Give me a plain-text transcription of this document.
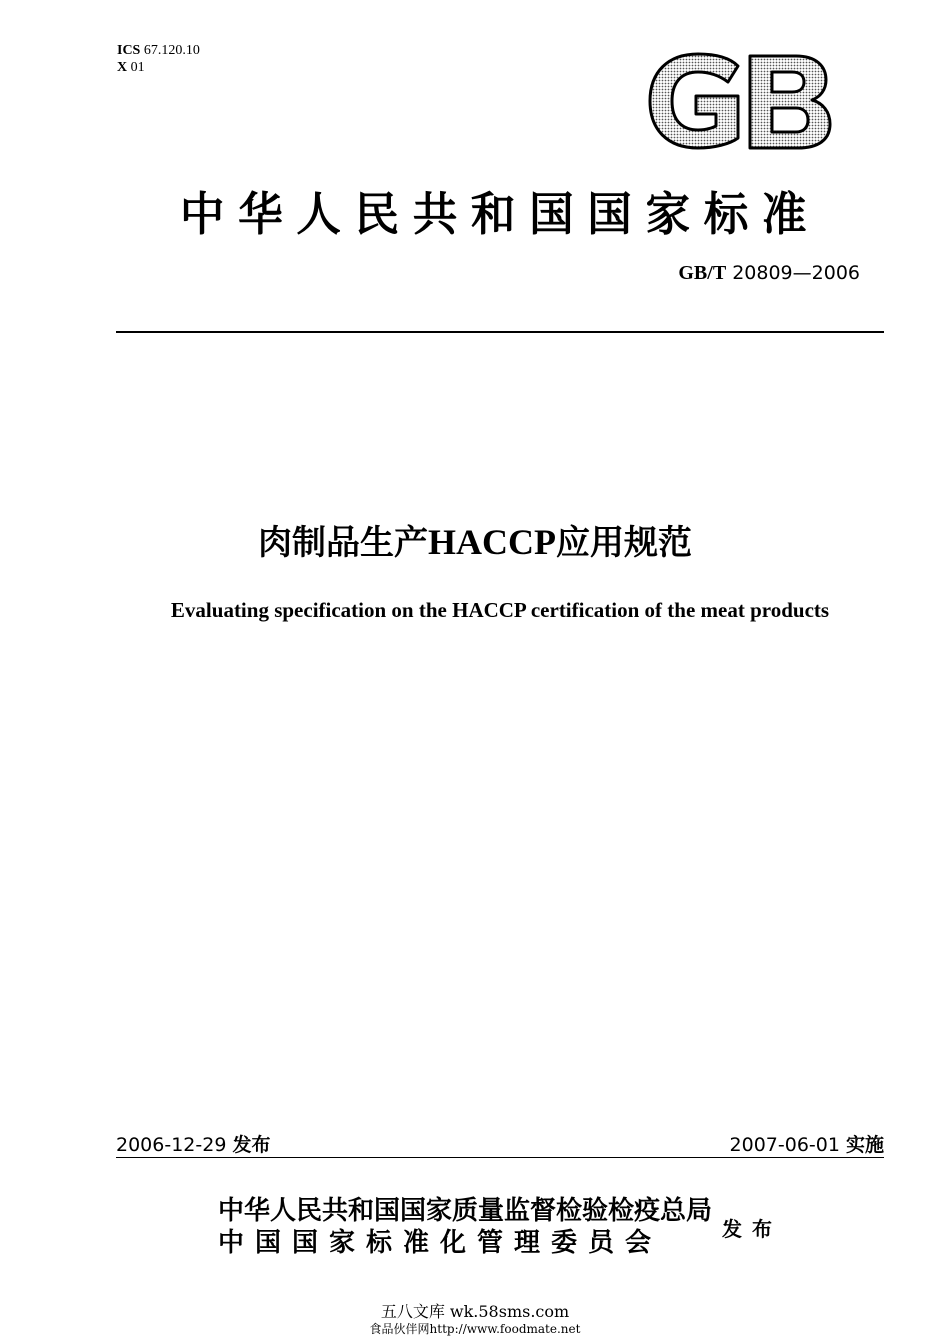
ICS 67.120.10
X 01
GB
中华人民共和国国家标准
GB/T 20809—2006
肉制品生产HACCP应用规范
Evaluating specification on the HACCP certification of the meat products
2006-12-29 发布	2007-06-01 实施
中华人民共和国国家质量监督检验检疫总局
中国国家标准化管理委员会	发布
五八文库 wk.58sms.com
食品伙伴网http://www.foodmate.net
